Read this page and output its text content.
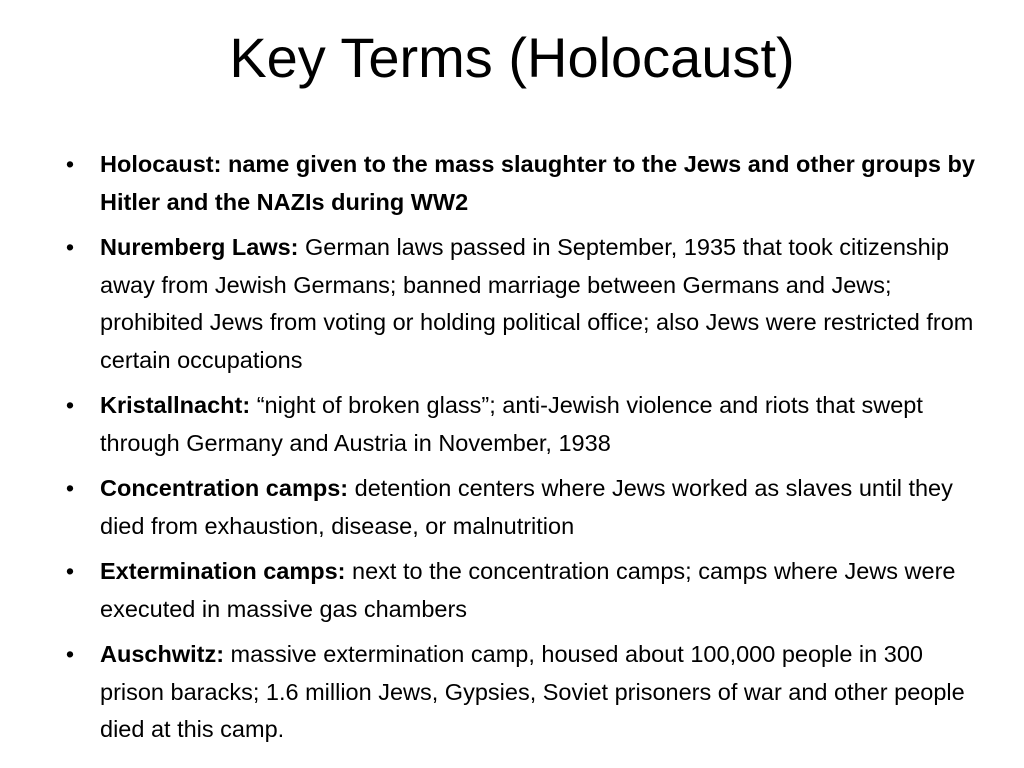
Key Terms (Holocaust)
• Holocaust: name given to the mass slaughter to the Jews and other groups by Hitler and the NAZIs during WW2
• Nuremberg Laws: German laws passed in September, 1935 that took citizenship away from Jewish Germans; banned marriage between Germans and Jews; prohibited Jews from voting or holding political office; also Jews were restricted from certain occupations
• Kristallnacht: “night of broken glass”; anti-Jewish violence and riots that swept through Germany and Austria in November, 1938
• Concentration camps: detention centers where Jews worked as slaves until they died from exhaustion, disease, or malnutrition
• Extermination camps: next to the concentration camps; camps where Jews were executed in massive gas chambers
• Auschwitz: massive extermination camp, housed about 100,000 people in 300 prison baracks; 1.6 million Jews, Gypsies, Soviet prisoners of war and other people died at this camp.
